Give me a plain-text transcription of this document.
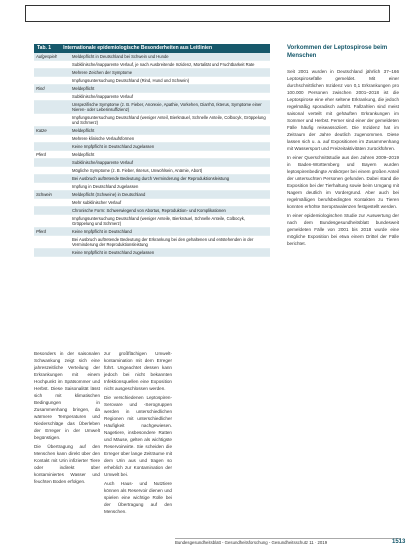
Tab. 1 Internationale epidemiologische Besonderheiten aus Leitlinien
Aufgespielt	Meldepflicht in Deutschland bei Schwein und Hunde
Subklinische/inapparente Verlauf, je nach Ausbreitende Inzidenz, Mortalität und Fruchtbarkeit Rate
Mehrere Zeichen der Symptome
Impfungsuntersuchung Deutschland (Rind, Hund und Schwein)
Rind	Meldepflicht
Subklinische/inapparente Verlauf
Unspezifische Symptome (z. B. Fieber, Anorexie, Apathie, Vorkehen, Diarrhö, Ikterus, Symptome einer Nieren- oder Leberinsuffizienz)
Impfungsuntersuchung Deutschland (weniger Anteil, Bierknäuel, Schnelle Anteile, Colbocyk, Gröppelung und Schmerz)
Katze	Meldepflicht
Mehrere klinische Verlaufsformen
Keine Impfpflicht in Deutschland zugelassen
Pferd	Meldepflicht
Subklinische/inapparente Verlauf
Mögliche Symptome (z. B. Fieber, Ikterus, Unwohlsein, Anämie, Abort)
Bei Ausbruch auftretende Bedeutung durch Verminderung der Reproduktionsleistung
Impfung in Deutschland zugelassen
Schwein	Meldepflicht (Schweine) in Deutschland
Mehr subklinischer Verlauf
Chronische Form: Schwerwiegend von Abortus, Reproduktion- und Komplikationen
Impfungsuntersuchung Deutschland (weniger Anteile, Bierknäuel, Schnelle Anteile, Colbocyk, Gröppelung und Schmerz)
Pferd	Keine Impfpflicht in Deutschland
Bei Ausbruch auftretende Bedeutung der Erkrankung bei den gehaltenen und entstehenden in der Verminderung der Reproduktionsleistung
Keine Impfpflicht in Deutschland zugelassen

Besonders in der saisonalen Schwankung zeigt sich eine jahreszeitliche Verteilung der Erkrankungen mit einem Hochpunkt im Spätsommer und Herbst. Diese Saisonalität lässt sich mit klimatischen Bedingungen in Zusammenhang bringen, da wärmere Temperaturen und Niederschläge das Überleben der Erreger in der Umwelt begünstigen.

Die Übertragung auf den Menschen kann direkt über den Kontakt mit Urin infizierter Tiere oder indirekt über kontaminiertes Wasser und feuchten Boden erfolgen.

zur großflächigen Umwelt-kontamination mit dem Erreger führt. Ungeachtet dessen kann jedoch bei nicht bekannten Infektionsquellen eine Exposition nicht ausgeschlossen werden.

Die verschiedenen Leptospiren-Serovare und -Serogruppen werden in unterschiedlichen Regionen mit unterschiedlicher Häufigkeit nachgewiesen. Nagetiere, insbesondere Ratten und Mäuse, gelten als wichtigste Reservoirwirte. Sie scheiden die Erreger über lange Zeiträume mit dem Urin aus und tragen so erheblich zur Kontamination der Umwelt bei.

Auch Haus- und Nutztiere können als Reservoir dienen und spielen eine wichtige Rolle bei der Übertragung auf den Menschen.

Vorkommen der Leptospirose beim Menschen

Seit 2001 wurden in Deutschland jährlich 37–166 Leptospirosefälle gemeldet. Mit einer durchschnittlichen Inzidenz von 0,1 Erkrankungen pro 100.000 Personen zwischen 2001–2018 ist die Leptospirose eine eher seltene Erkrankung, die jedoch regelmäßig sporadisch auftritt. Fallzahlen sind meist saisonal verteilt mit gehäuften Erkrankungen im Sommer und Herbst. Ferner sind einer der gemeldeten Fälle häufig reiseassoziiert. Die Inzidenz hat im Zeitraum der Jahre deutlich zugenommen. Diese lassen sich u. a. auf Expositionen im Zusammenhang mit Wassersport und Freizeitaktivitäten zurückführen.

In einer Querschnittstudie aus den Jahren 2009–2019 in Baden-Württemberg und Bayern wurden leptospirenbedingte Antikörper bei einem großen Anteil der untersuchten Personen gefunden. Dabei stand die Exposition bei der Tierhaltung sowie beim Umgang mit Nagern deutlich im Vordergrund. Aber auch bei regelmäßigen berufsbedingten Kontakten zu Tieren konnten erhöhte Seroprävalenzen festgestellt werden.

In einer epidemiologischen Studie zur Auswertung der nach dem Bundesgesundheitsblatt bundesweit gemeldeten Fälle von 2001 bis 2018 wurde eine mögliche Exposition bei etwa einem Drittel der Fälle berichtet.

Bundesgesundheitsblatt - Gesundheitsforschung - Gesundheitsschutz 11 · 2019	1513
